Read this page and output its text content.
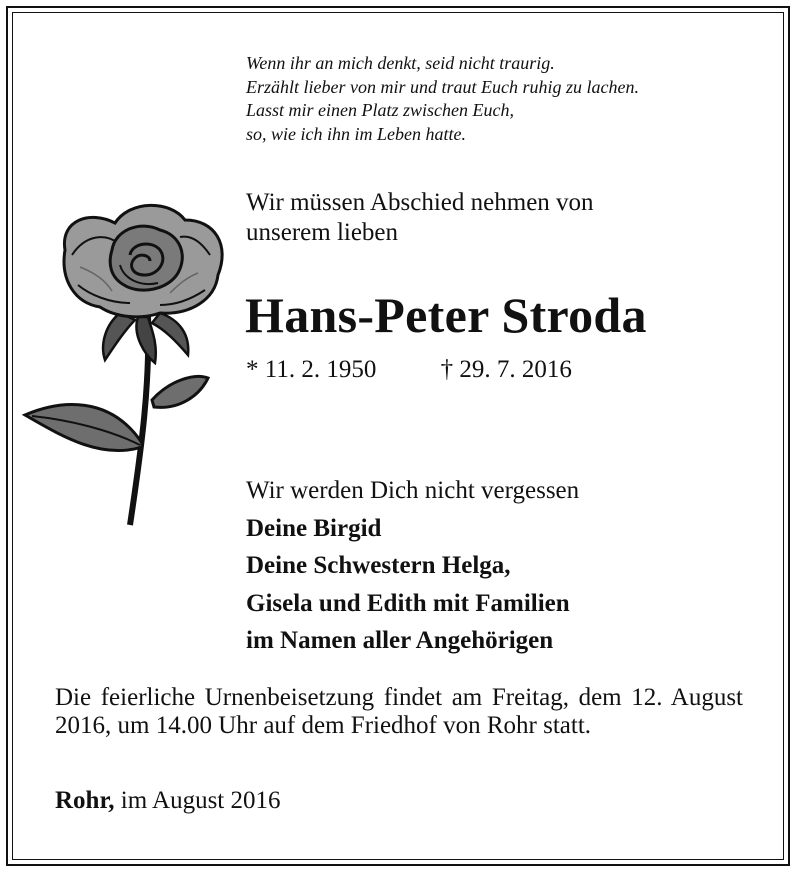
Wenn ihr an mich denkt, seid nicht traurig.
Erzählt lieber von mir und traut Euch ruhig zu lachen.
Lasst mir einen Platz zwischen Euch,
so, wie ich ihn im Leben hatte.
Wir müssen Abschied nehmen von
unserem lieben
Hans-Peter Stroda
* 11. 2. 1950	† 29. 7. 2016
Wir werden Dich nicht vergessen
Deine Birgid
Deine Schwestern Helga,
Gisela und Edith mit Familien
im Namen aller Angehörigen
Die feierliche Urnenbeisetzung findet am Freitag, dem 12. August 2016, um 14.00 Uhr auf dem Friedhof von Rohr statt.
Rohr, im August 2016
